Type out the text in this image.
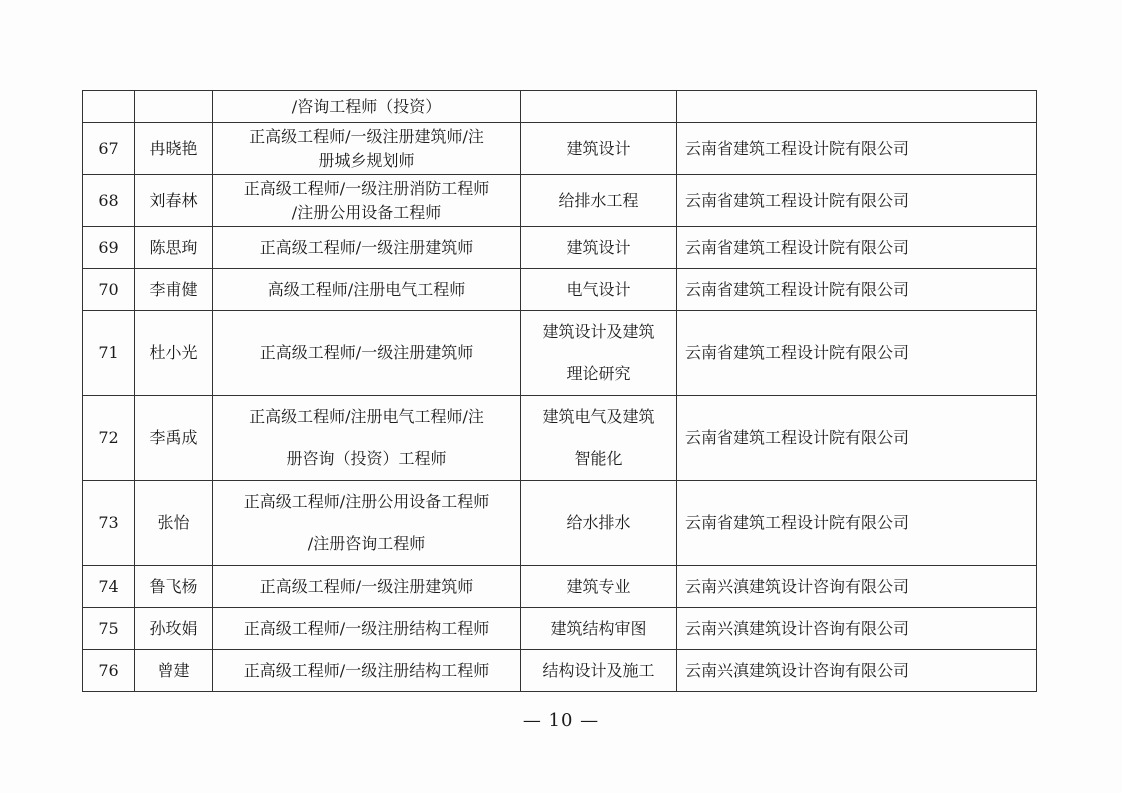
		/咨询工程师（投资）		

67	冉晓艳	正高级工程师/一级注册建筑师/注
册城乡规划师	建筑设计	云南省建筑工程设计院有限公司
68	刘春林	正高级工程师/一级注册消防工程师
/注册公用设备工程师	给排水工程	云南省建筑工程设计院有限公司
69	陈思珣	正高级工程师/一级注册建筑师	建筑设计	云南省建筑工程设计院有限公司
70	李甫健	高级工程师/注册电气工程师	电气设计	云南省建筑工程设计院有限公司
71	杜小光	正高级工程师/一级注册建筑师	建筑设计及建筑
理论研究	云南省建筑工程设计院有限公司
72	李禹成	正高级工程师/注册电气工程师/注
册咨询（投资）工程师	建筑电气及建筑
智能化	云南省建筑工程设计院有限公司
73	张怡	正高级工程师/注册公用设备工程师
/注册咨询工程师	给水排水	云南省建筑工程设计院有限公司
74	鲁飞杨	正高级工程师/一级注册建筑师	建筑专业	云南兴滇建筑设计咨询有限公司
75	孙玫娟	正高级工程师/一级注册结构工程师	建筑结构审图	云南兴滇建筑设计咨询有限公司
76	曾建	正高级工程师/一级注册结构工程师	结构设计及施工	云南兴滇建筑设计咨询有限公司
— 10 —
